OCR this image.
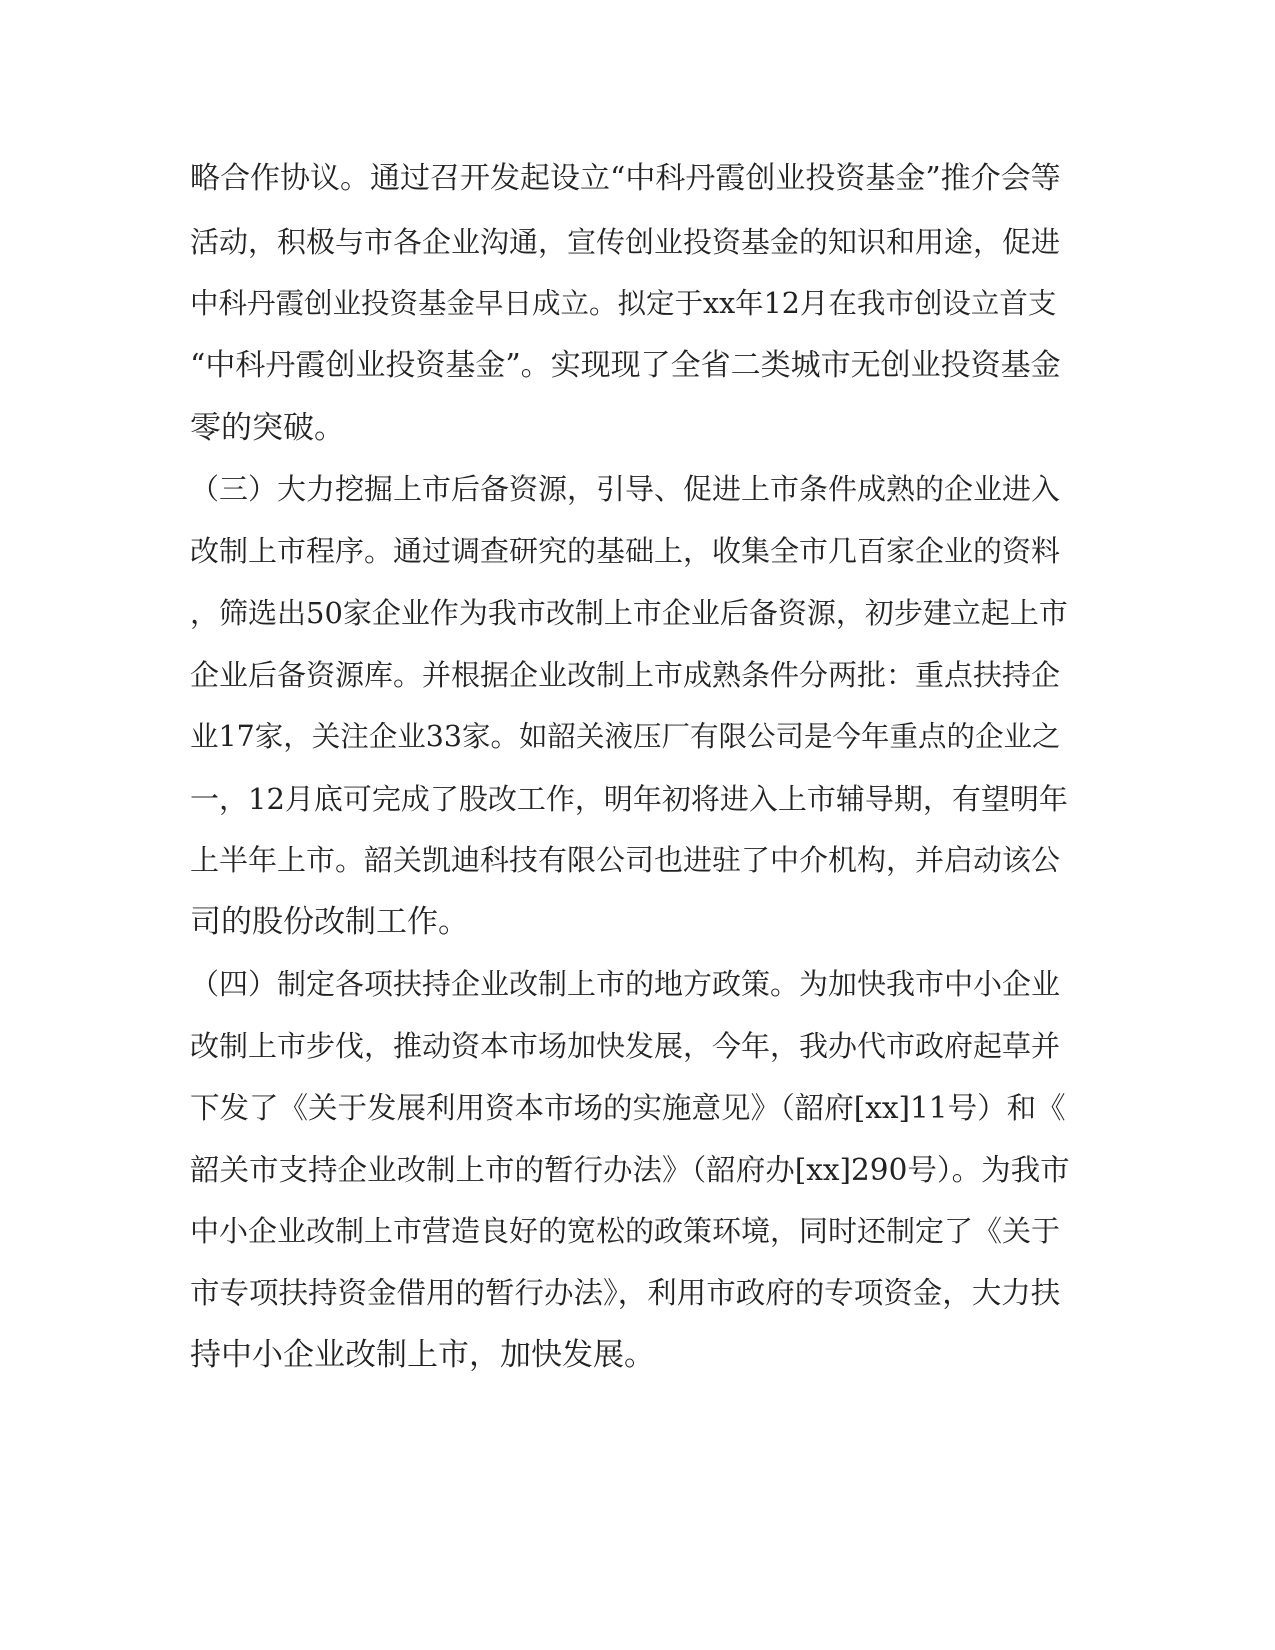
略合作协议。通过召开发起设立“中科丹霞创业投资基金”推介会等

活动，积极与市各企业沟通，宣传创业投资基金的知识和用途，促进

中科丹霞创业投资基金早日成立。拟定于xx年12月在我市创设立首支

“中科丹霞创业投资基金”。实现现了全省二类城市无创业投资基金

零的突破。

（三）大力挖掘上市后备资源，引导、促进上市条件成熟的企业进入

改制上市程序。通过调查研究的基础上，收集全市几百家企业的资料

，筛选出50家企业作为我市改制上市企业后备资源，初步建立起上市

企业后备资源库。并根据企业改制上市成熟条件分两批：重点扶持企

业17家，关注企业33家。如韶关液压厂有限公司是今年重点的企业之

一，12月底可完成了股改工作，明年初将进入上市辅导期，有望明年

上半年上市。韶关凯迪科技有限公司也进驻了中介机构，并启动该公

司的股份改制工作。

（四）制定各项扶持企业改制上市的地方政策。为加快我市中小企业

改制上市步伐，推动资本市场加快发展，今年，我办代市政府起草并

下发了《关于发展利用资本市场的实施意见》（韶府[xx]11号）和《

韶关市支持企业改制上市的暂行办法》（韶府办[xx]290号）。为我市

中小企业改制上市营造良好的宽松的政策环境，同时还制定了《关于

市专项扶持资金借用的暂行办法》，利用市政府的专项资金，大力扶

持中小企业改制上市，加快发展。
